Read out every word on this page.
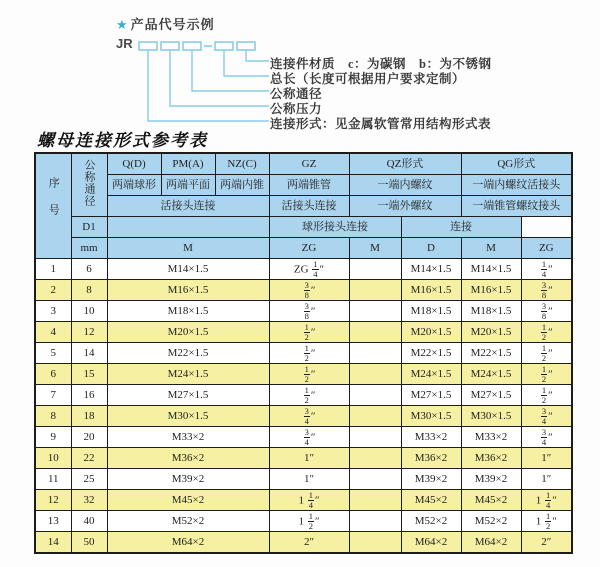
★ 产品代号示例
JR
连接件材质　c：为碳钢　b：为不锈钢
总长（长度可根据用户要求定制）
公称通径
公称压力
连接形式：见金属软管常用结构形式表
螺母连接形式参考表
序号	公称通径	Q(D)	PM(A)	NZ(C)	GZ	QZ形式		QG形式	
		两端球形	两端平面	两端内锥	两端锥管	一端内螺纹		一端内螺纹活接头	
		活接头连接			活接头连接	一端外螺纹		一端锥管螺纹接头	
	D1				球形接头连接		连接		
	mm	M			ZG	M	D	M	ZG
1	6	M14×1.5			ZG $\frac{1}{4}$ ″		M14×1.5	M14×1.5	$\frac{1}{4}$ ″
2	8	M16×1.5			$\frac{3}{8}$ ″		M16×1.5	M16×1.5	$\frac{3}{8}$ ″
3	10	M18×1.5			$\frac{3}{8}$ ″		M18×1.5	M18×1.5	$\frac{3}{8}$ ″
4	12	M20×1.5			$\frac{1}{2}$ ″		M20×1.5	M20×1.5	$\frac{1}{2}$ ″
5	14	M22×1.5			$\frac{1}{2}$ ″		M22×1.5	M22×1.5	$\frac{1}{2}$ ″
6	15	M24×1.5			$\frac{1}{2}$ ″		M24×1.5	M24×1.5	$\frac{1}{2}$ ″
7	16	M27×1.5			$\frac{1}{2}$ ″		M27×1.5	M27×1.5	$\frac{1}{2}$ ″
8	18	M30×1.5			$\frac{3}{4}$ ″		M30×1.5	M30×1.5	$\frac{3}{4}$ ″
9	20	M33×2			$\frac{3}{4}$ ″		M33×2	M33×2	$\frac{3}{4}$ ″
10	22	M36×2			1″		M36×2	M36×2	1″
11	25	M39×2			1″		M39×2	M39×2	1″
12	32	M45×2			$1 \frac{1}{4}$ ″		M45×2	M45×2	$1 \frac{1}{4}$ ″
13	40	M52×2			$1 \frac{1}{2}$ ″		M52×2	M52×2	$1 \frac{1}{2}$ ″
14	50	M64×2			2″		M64×2	M64×2	2″
